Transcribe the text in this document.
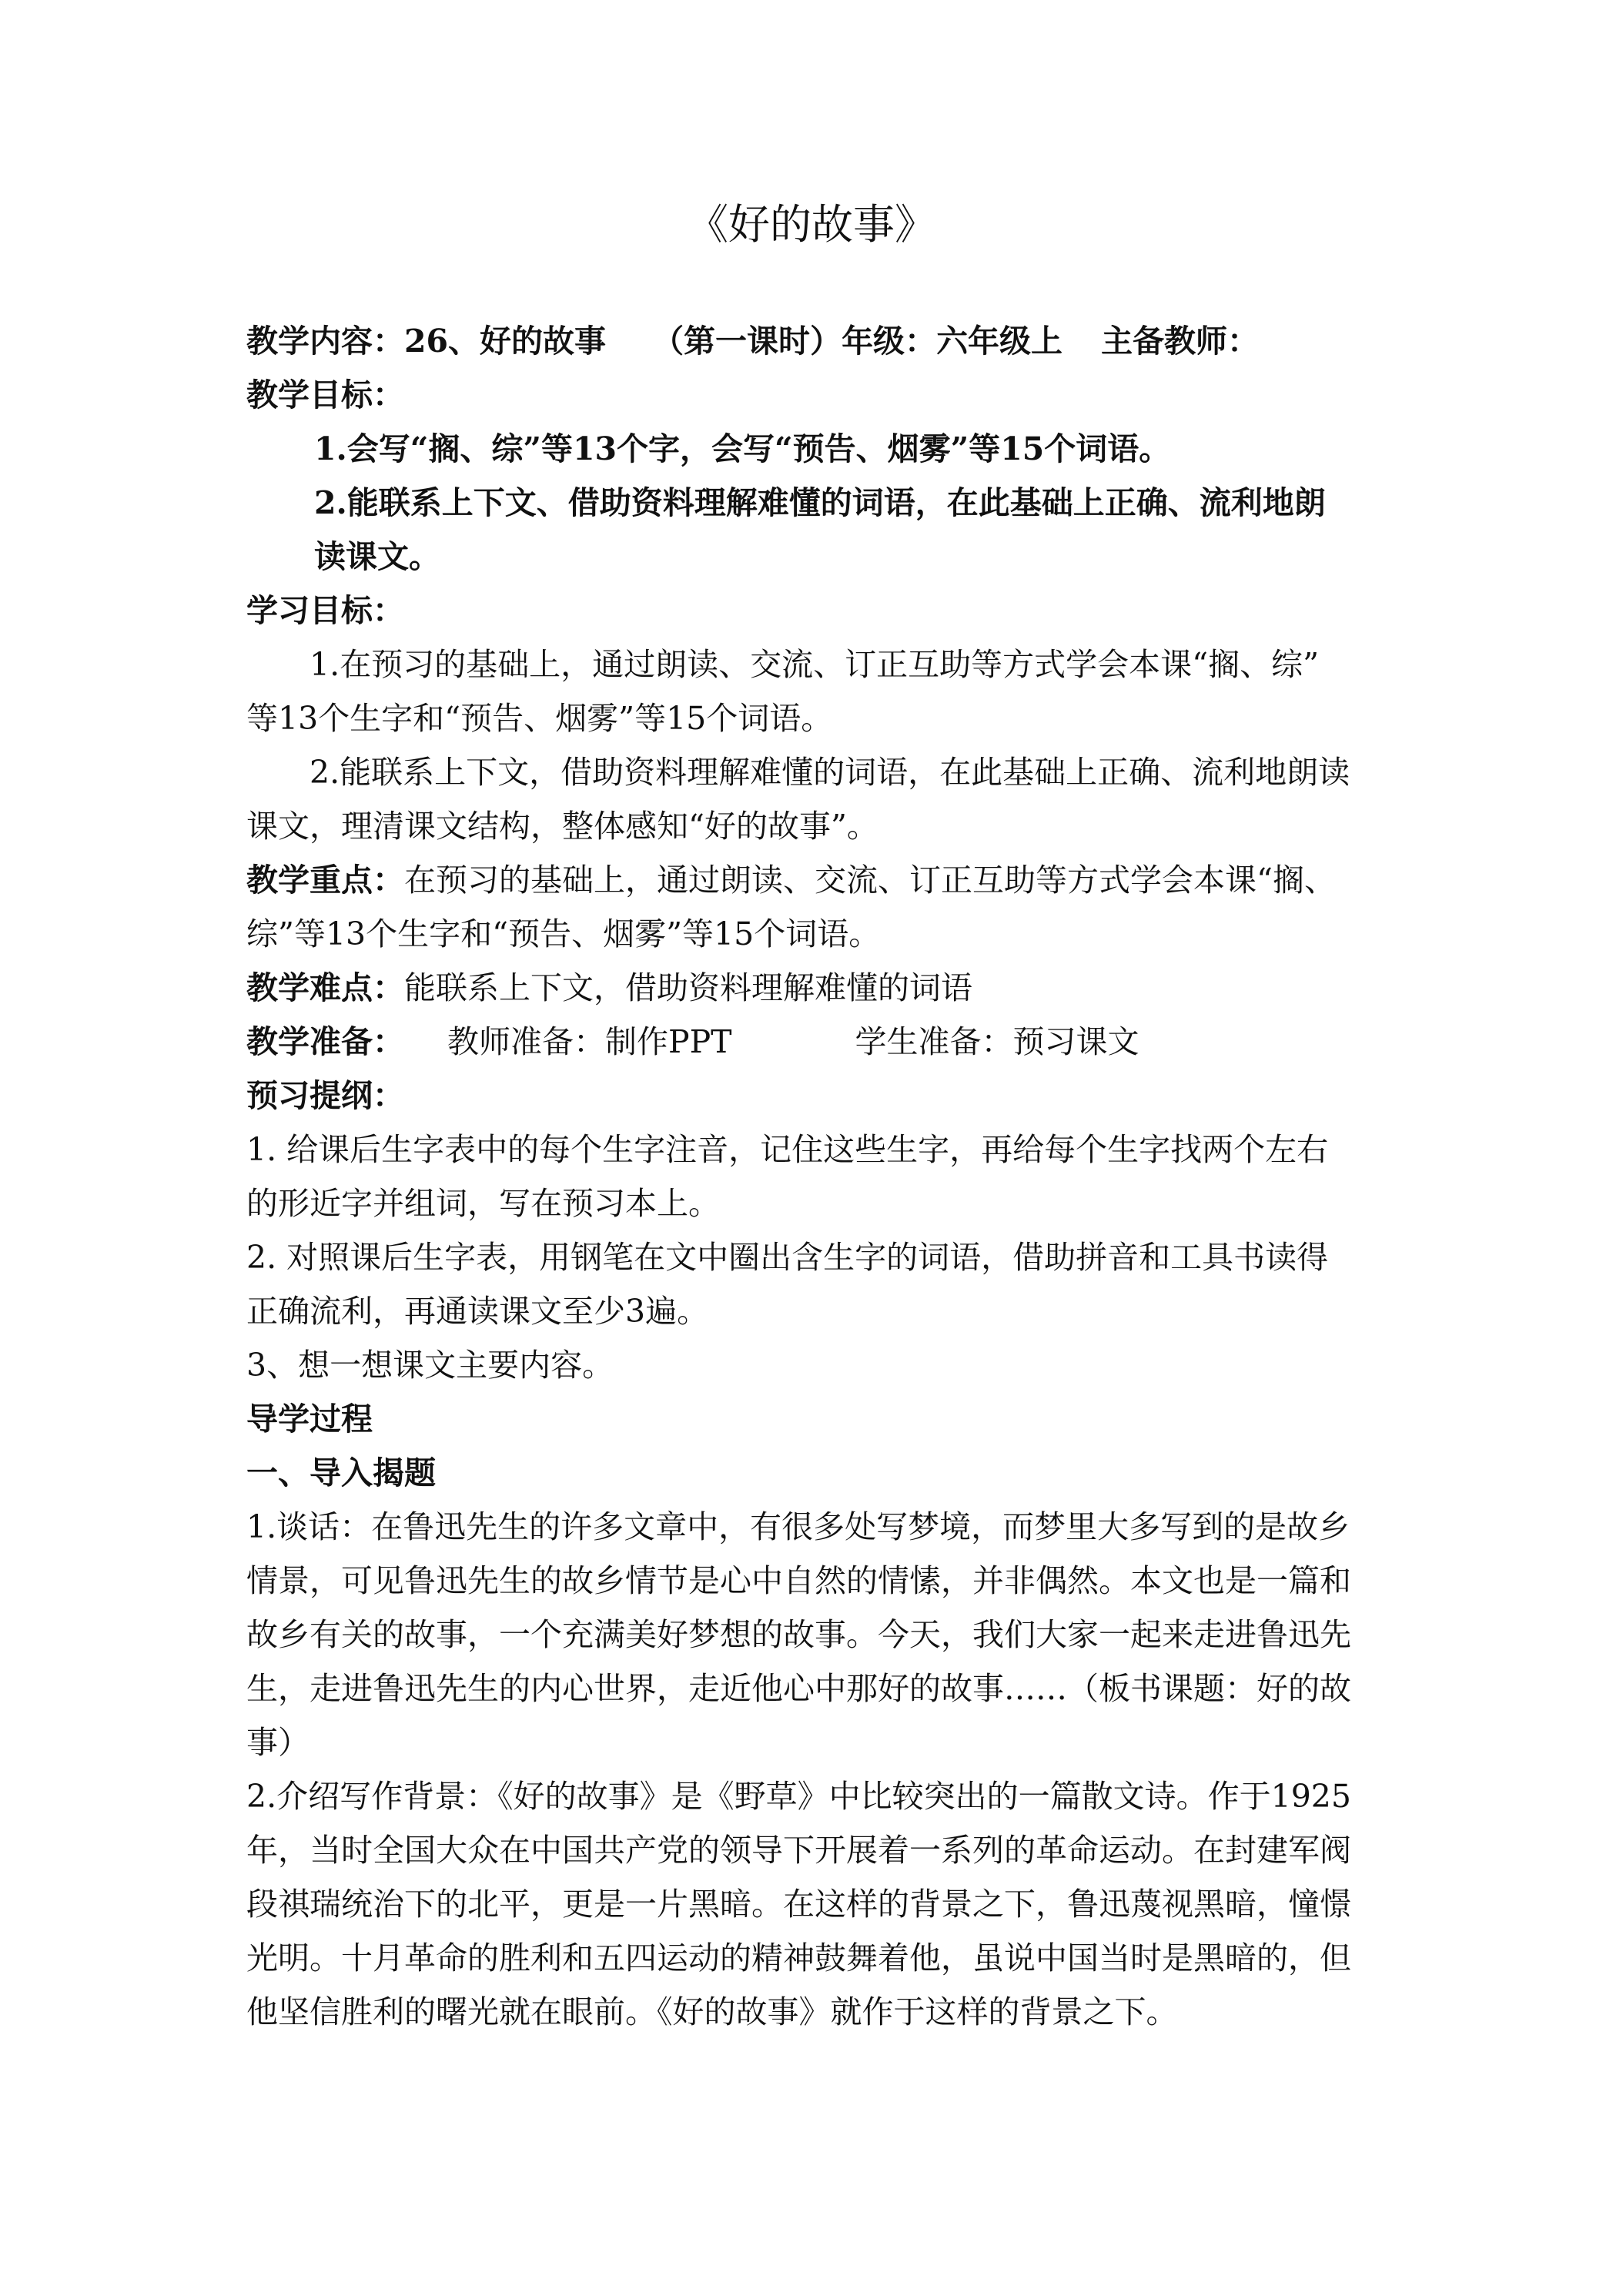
《好的故事》
教学内容：26、好的故事 （第一课时）年级：六年级上 主备教师：
教学目标：
1.会写“搁、综”等13个字，会写“预告、烟雾”等15个词语。
2.能联系上下文、借助资料理解难懂的词语，在此基础上正确、流利地朗
读课文。
学习目标：
1.在预习的基础上，通过朗读、交流、订正互助等方式学会本课“搁、综”
等13个生字和“预告、烟雾”等15个词语。
2.能联系上下文，借助资料理解难懂的词语，在此基础上正确、流利地朗读
课文，理清课文结构，整体感知“好的故事”。
教学重点：在预习的基础上，通过朗读、交流、订正互助等方式学会本课“搁、
综”等13个生字和“预告、烟雾”等15个词语。
教学难点：能联系上下文，借助资料理解难懂的词语
教学准备： 教师准备：制作PPT	学生准备：预习课文
预习提纲：
1. 给课后生字表中的每个生字注音，记住这些生字，再给每个生字找两个左右
的形近字并组词，写在预习本上。
2. 对照课后生字表，用钢笔在文中圈出含生字的词语，借助拼音和工具书读得
正确流利，再通读课文至少3遍。
3、想一想课文主要内容。
导学过程
一、导入揭题
1.谈话：在鲁迅先生的许多文章中，有很多处写梦境，而梦里大多写到的是故乡
情景，可见鲁迅先生的故乡情节是心中自然的情愫，并非偶然。本文也是一篇和
故乡有关的故事，一个充满美好梦想的故事。今天，我们大家一起来走进鲁迅先
生，走进鲁迅先生的内心世界，走近他心中那好的故事……（板书课题：好的故
事）
2.介绍写作背景：《好的故事》是《野草》中比较突出的一篇散文诗。作于1925
年，当时全国大众在中国共产党的领导下开展着一系列的革命运动。在封建军阀
段祺瑞统治下的北平，更是一片黑暗。在这样的背景之下，鲁迅蔑视黑暗，憧憬
光明。十月革命的胜利和五四运动的精神鼓舞着他，虽说中国当时是黑暗的，但
他坚信胜利的曙光就在眼前。《好的故事》就作于这样的背景之下。
